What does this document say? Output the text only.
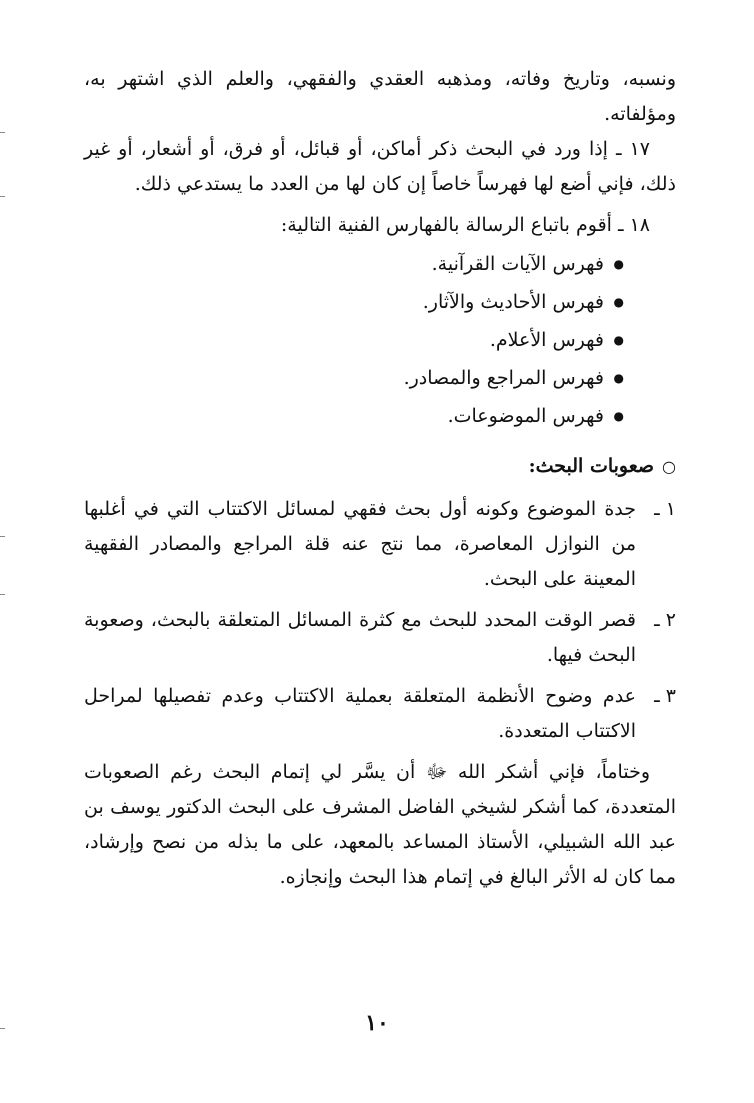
ونسبه، وتاريخ وفاته، ومذهبه العقدي والفقهي، والعلم الذي اشتهر به، ومؤلفاته.

١٧ ـ إذا ورد في البحث ذكر أماكن، أو قبائل، أو فرق، أو أشعار، أو غير ذلك، فإني أضع لها فهرساً خاصاً إن كان لها من العدد ما يستدعي ذلك.

١٨ ـ أقوم باتباع الرسالة بالفهارس الفنية التالية:

● فهرس الآيات القرآنية.
● فهرس الأحاديث والآثار.
● فهرس الأعلام.
● فهرس المراجع والمصادر.
● فهرس الموضوعات.
○
صعوبات البحث:
١ ـ
جدة الموضوع وكونه أول بحث فقهي لمسائل الاكتتاب التي في أغلبها من النوازل المعاصرة، مما نتج عنه قلة المراجع والمصادر الفقهية المعينة على البحث.
٢ ـ
قصر الوقت المحدد للبحث مع كثرة المسائل المتعلقة بالبحث، وصعوبة البحث فيها.
٣ ـ
عدم وضوح الأنظمة المتعلقة بعملية الاكتتاب وعدم تفصيلها لمراحل الاكتتاب المتعددة.

وختاماً، فإني أشكر الله ﷻ أن يسَّر لي إتمام البحث رغم الصعوبات المتعددة، كما أشكر لشيخي الفاضل المشرف على البحث الدكتور يوسف بن عبد الله الشبيلي، الأستاذ المساعد بالمعهد، على ما بذله من نصح وإرشاد، مما كان له الأثر البالغ في إتمام هذا البحث وإنجازه.

١٠
